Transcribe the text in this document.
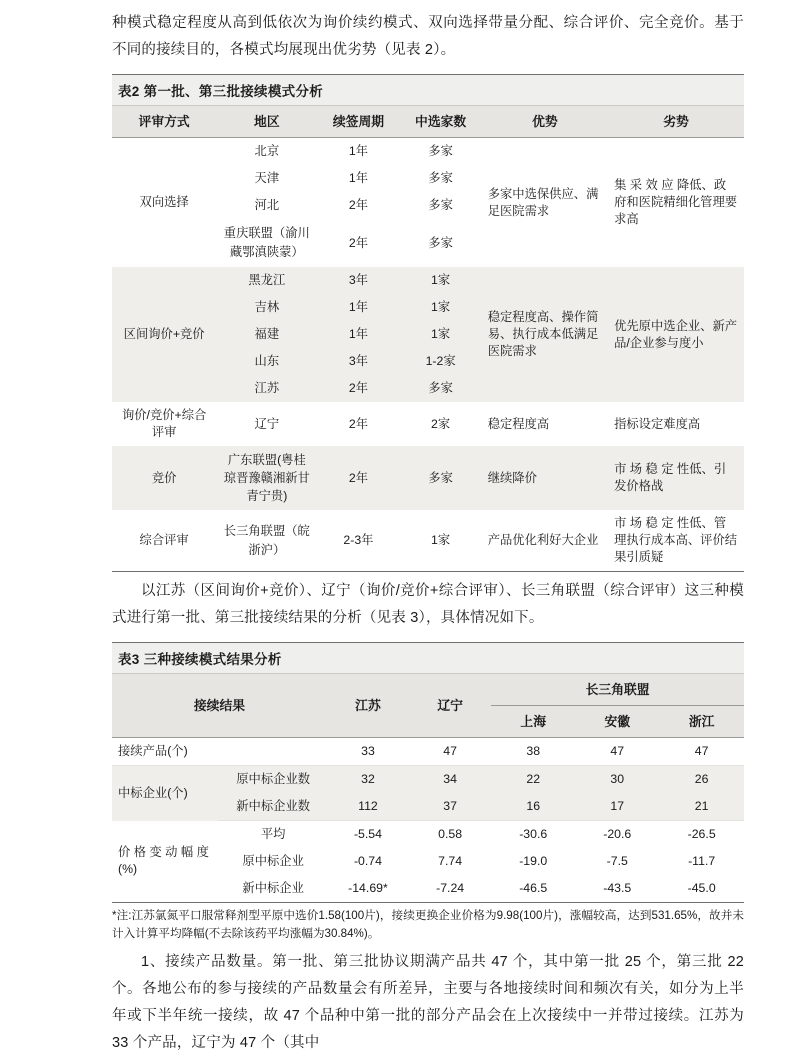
种模式稳定程度从高到低依次为询价续约模式、双向选择带量分配、综合评价、完全竞价。基于不同的接续目的，各模式均展现出优劣势（见表 2）。

表2 第一批、第三批接续模式分析
评审方式	地区	续签周期	中选家数	优势	劣势
双向选择	北京	1年	多家	多家中选保供应、满足医院需求	集 采 效 应 降低、政府和医院精细化管理要求高
	天津	1年	多家		
	河北	2年	多家		
	重庆联盟（渝川藏鄂滇陕蒙）	2年	多家		
区间询价+竞价	黑龙江	3年	1家	稳定程度高、操作简易、执行成本低满足医院需求	优先原中选企业、新产品/企业参与度小
	吉林	1年	1家		
	福建	1年	1家		
	山东	3年	1-2家		
	江苏	2年	多家		
询价/竞价+综合评审	辽宁	2年	2家	稳定程度高	指标设定难度高
竞价	广东联盟(粤桂琼晋豫赣湘新甘青宁贵)	2年	多家	继续降价	市 场 稳 定 性低、引发价格战
综合评审	长三角联盟（皖浙沪）	2-3年	1家	产品优化利好大企业	市 场 稳 定 性低、管理执行成本高、评价结果引质疑

以江苏（区间询价+竞价）、辽宁（询价/竞价+综合评审）、长三角联盟（综合评审）这三种模式进行第一批、第三批接续结果的分析（见表 3），具体情况如下。

表3 三种接续模式结果分析
接续结果		江苏	辽宁	长三角联盟		
				上海	安徽	浙江
接续产品(个)		33	47	38	47	47
中标企业(个)	原中标企业数	32	34	22	30	26
	新中标企业数	112	37	16	17	21
价 格 变 动 幅 度(%)	平均	-5.54	0.58	-30.6	-20.6	-26.5
	原中标企业	-0.74	7.74	-19.0	-7.5	-11.7
	新中标企业	-14.69*	-7.24	-46.5	-43.5	-45.0

*注:江苏氯氮平口服常释剂型平原中选价1.58(100片)，接续更换企业价格为9.98(100片)，涨幅较高，达到531.65%，故并未计入计算平均降幅(不去除该药平均涨幅为30.84%)。

1、接续产品数量。第一批、第三批协议期满产品共 47 个，其中第一批 25 个，第三批 22 个。各地公布的参与接续的产品数量会有所差异，主要与各地接续时间和频次有关，如分为上半年或下半年统一接续，故 47 个品种中第一批的部分产品会在上次接续中一并带过接续。江苏为 33 个产品，辽宁为 47 个（其中
